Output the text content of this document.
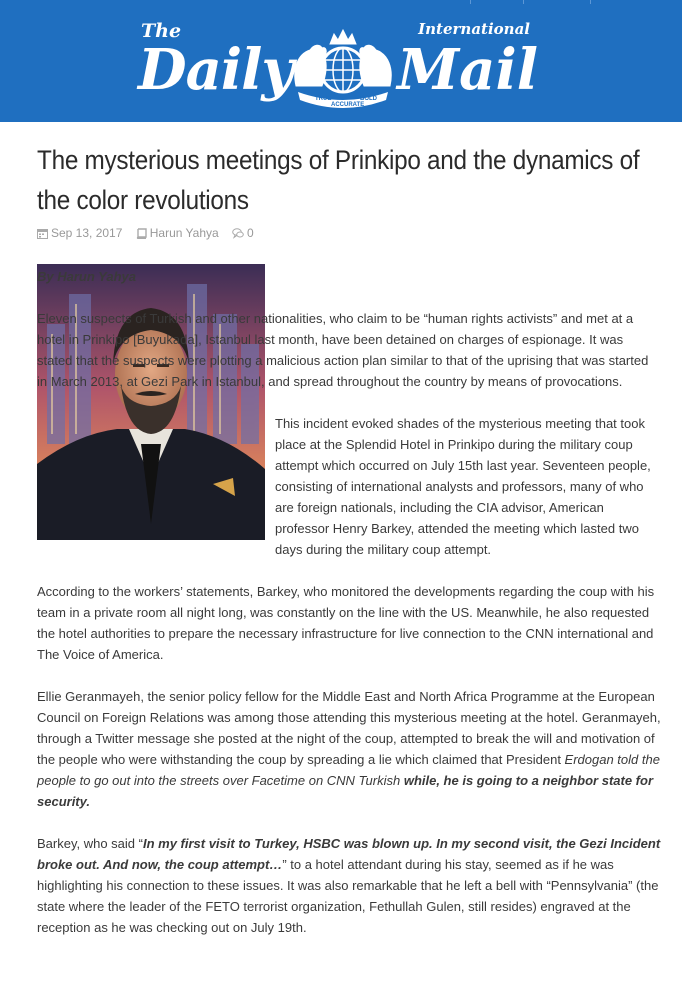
The	International
Daily Mail
TRUE
ACCURATE
BOLD
The mysterious meetings of Prinkipo and the dynamics of the color revolutions
Sep 13, 2017 Harun Yahya 0

By Harun Yahya

Eleven suspects of Turkish and other nationalities, who claim to be “human rights activists” and met at a hotel in Prinkipo [Buyukada], Istanbul last month, have been detained on charges of espionage. It was stated that the suspects were plotting a malicious action plan similar to that of the uprising that was started in March 2013, at Gezi Park in Istanbul, and spread throughout the country by means of provocations.

This incident evoked shades of the mysterious meeting that took place at the Splendid Hotel in Prinkipo during the military coup attempt which occurred on July 15th last year. Seventeen people, consisting of international analysts and professors, many of who are foreign nationals, including the CIA advisor, American professor Henry Barkey, attended the meeting which lasted two days during the military coup attempt.

According to the workers’ statements, Barkey, who monitored the developments regarding the coup with his team in a private room all night long, was constantly on the line with the US. Meanwhile, he also requested the hotel authorities to prepare the necessary infrastructure for live connection to the CNN international and The Voice of America.

Ellie Geranmayeh, the senior policy fellow for the Middle East and North Africa Programme at the European Council on Foreign Relations was among those attending this mysterious meeting at the hotel. Geranmayeh, through a Twitter message she posted at the night of the coup, attempted to break the will and motivation of the people who were withstanding the coup by spreading a lie which claimed that President Erdogan told the people to go out into the streets over Facetime on CNN Turkish while, he is going to a neighbor state for security.

Barkey, who said “In my first visit to Turkey, HSBC was blown up. In my second visit, the Gezi Incident broke out. And now, the coup attempt…” to a hotel attendant during his stay, seemed as if he was highlighting his connection to these issues. It was also remarkable that he left a bell with “Pennsylvania” (the state where the leader of the FETO terrorist organization, Fethullah Gulen, still resides) engraved at the reception as he was checking out on July 19th.
